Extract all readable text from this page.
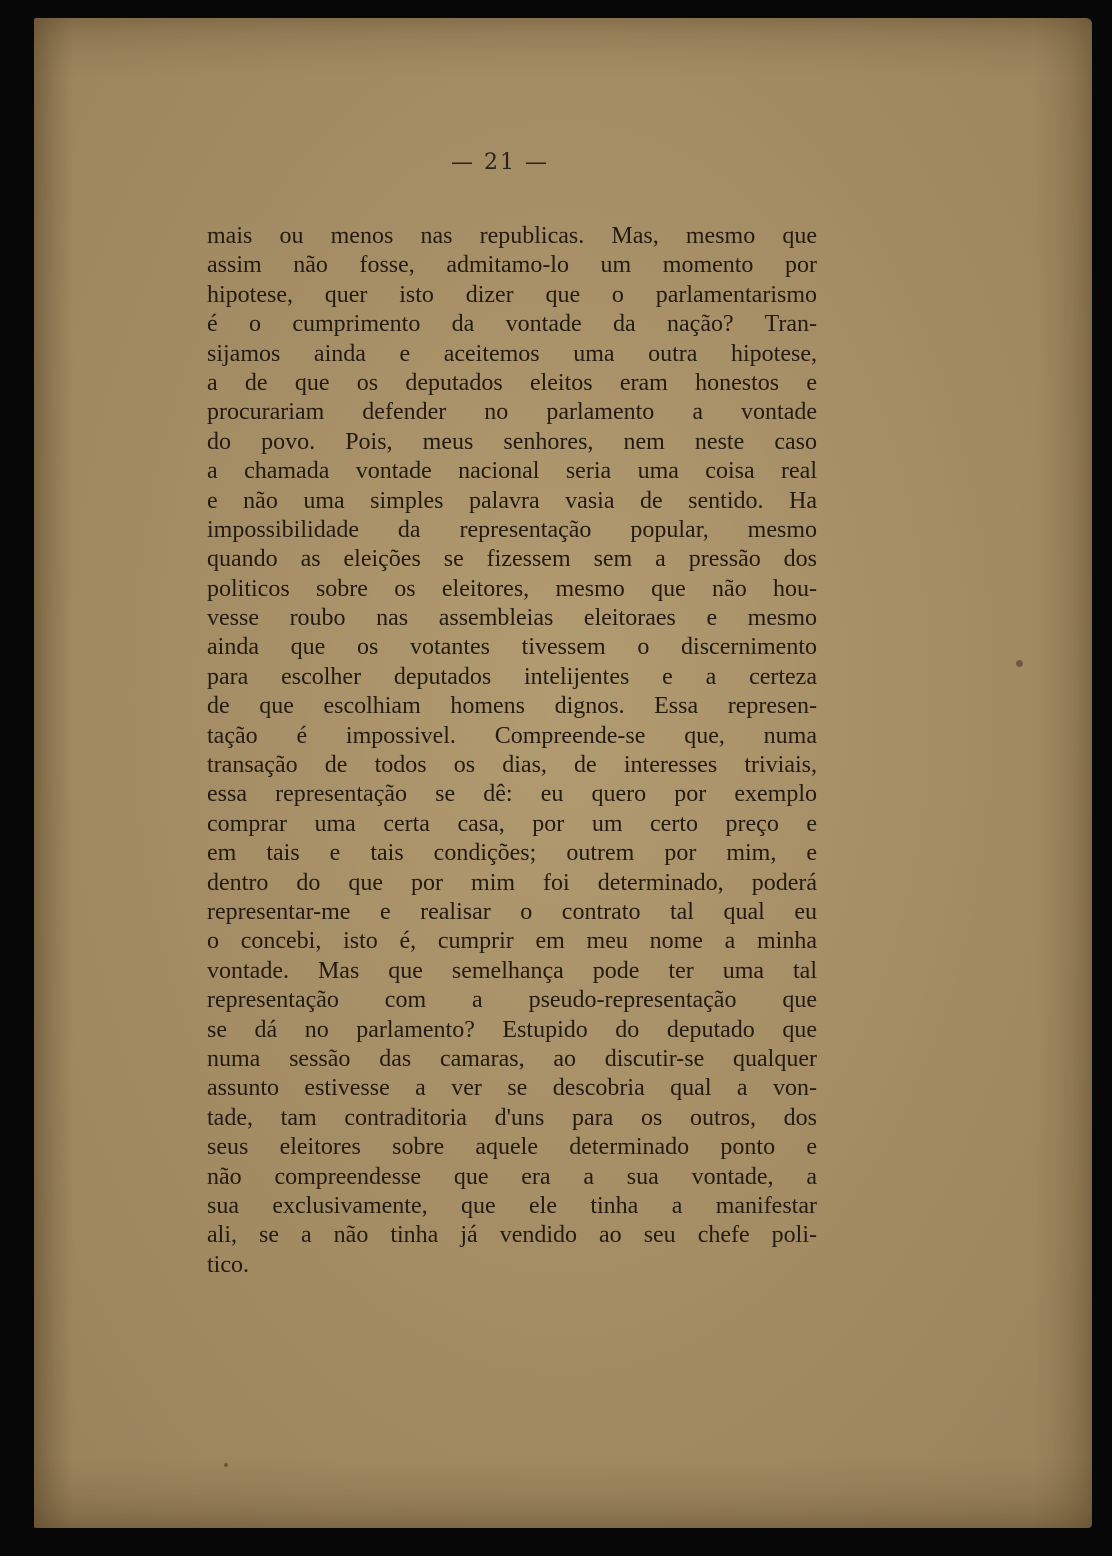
— 21 —
mais ou menos nas republicas. Mas, mesmo que
assim não fosse, admitamo-lo um momento por
hipotese, quer isto dizer que o parlamentarismo
é o cumprimento da vontade da nação? Tran-
sijamos ainda e aceitemos uma outra hipotese,
a de que os deputados eleitos eram honestos e
procurariam defender no parlamento a vontade
do povo. Pois, meus senhores, nem neste caso
a chamada vontade nacional seria uma coisa real
e não uma simples palavra vasia de sentido. Ha
impossibilidade da representação popular, mesmo
quando as eleições se fizessem sem a pressão dos
politicos sobre os eleitores, mesmo que não hou-
vesse roubo nas assembleias eleitoraes e mesmo
ainda que os votantes tivessem o discernimento
para escolher deputados intelijentes e a certeza
de que escolhiam homens dignos. Essa represen-
tação é impossivel. Compreende-se que, numa
transação de todos os dias, de interesses triviais,
essa representação se dê: eu quero por exemplo
comprar uma certa casa, por um certo preço e
em tais e tais condições; outrem por mim, e
dentro do que por mim foi determinado, poderá
representar-me e realisar o contrato tal qual eu
o concebi, isto é, cumprir em meu nome a minha
vontade. Mas que semelhança pode ter uma tal
representação com a pseudo-representação que
se dá no parlamento? Estupido do deputado que
numa sessão das camaras, ao discutir-se qualquer
assunto estivesse a ver se descobria qual a von-
tade, tam contraditoria d'uns para os outros, dos
seus eleitores sobre aquele determinado ponto e
não compreendesse que era a sua vontade, a
sua exclusivamente, que ele tinha a manifestar
ali, se a não tinha já vendido ao seu chefe poli-
tico.
